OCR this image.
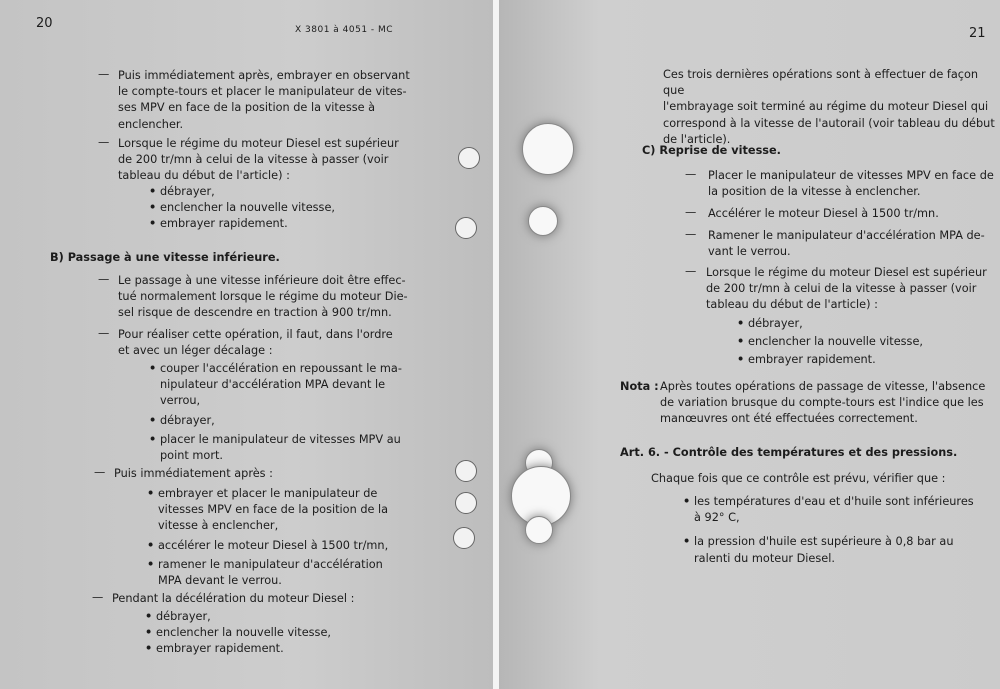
20	X 3801 à 4051 - MC
— Puis immédiatement après, embrayer en observant
le compte-tours et placer le manipulateur de vites-
ses MPV en face de la position de la vitesse à
enclencher.
— Lorsque le régime du moteur Diesel est supérieur
de 200 tr/mn à celui de la vitesse à passer (voir
tableau du début de l'article) :
• débrayer,
• enclencher la nouvelle vitesse,
• embrayer rapidement.
B) Passage à une vitesse inférieure.
— Le passage à une vitesse inférieure doit être effec-
tué normalement lorsque le régime du moteur Die-
sel risque de descendre en traction à 900 tr/mn.
— Pour réaliser cette opération, il faut, dans l'ordre
et avec un léger décalage :
• couper l'accélération en repoussant le ma-
nipulateur d'accélération MPA devant le
verrou,
• débrayer,
• placer le manipulateur de vitesses MPV au
point mort.
— Puis immédiatement après :
• embrayer et placer le manipulateur de
vitesses MPV en face de la position de la
vitesse à enclencher,
• accélérer le moteur Diesel à 1500 tr/mn,
• ramener le manipulateur d'accélération
MPA devant le verrou.
— Pendant la décélération du moteur Diesel :
• débrayer,
• enclencher la nouvelle vitesse,
• embrayer rapidement.
21
Ces trois dernières opérations sont à effectuer de façon que
l'embrayage soit terminé au régime du moteur Diesel qui
correspond à la vitesse de l'autorail (voir tableau du début
de l'article).
C) Reprise de vitesse.
— Placer le manipulateur de vitesses MPV en face de
la position de la vitesse à enclencher.
— Accélérer le moteur Diesel à 1500 tr/mn.
— Ramener le manipulateur d'accélération MPA de-
vant le verrou.
— Lorsque le régime du moteur Diesel est supérieur
de 200 tr/mn à celui de la vitesse à passer (voir
tableau du début de l'article) :
• débrayer,
• enclencher la nouvelle vitesse,
• embrayer rapidement.
Nota : Après toutes opérations de passage de vitesse, l'absence
de variation brusque du compte-tours est l'indice que les
manœuvres ont été effectuées correctement.
Art. 6. - Contrôle des températures et des pressions.
Chaque fois que ce contrôle est prévu, vérifier que :
• les températures d'eau et d'huile sont inférieures
à 92° C,
• la pression d'huile est supérieure à 0,8 bar au
ralenti du moteur Diesel.
